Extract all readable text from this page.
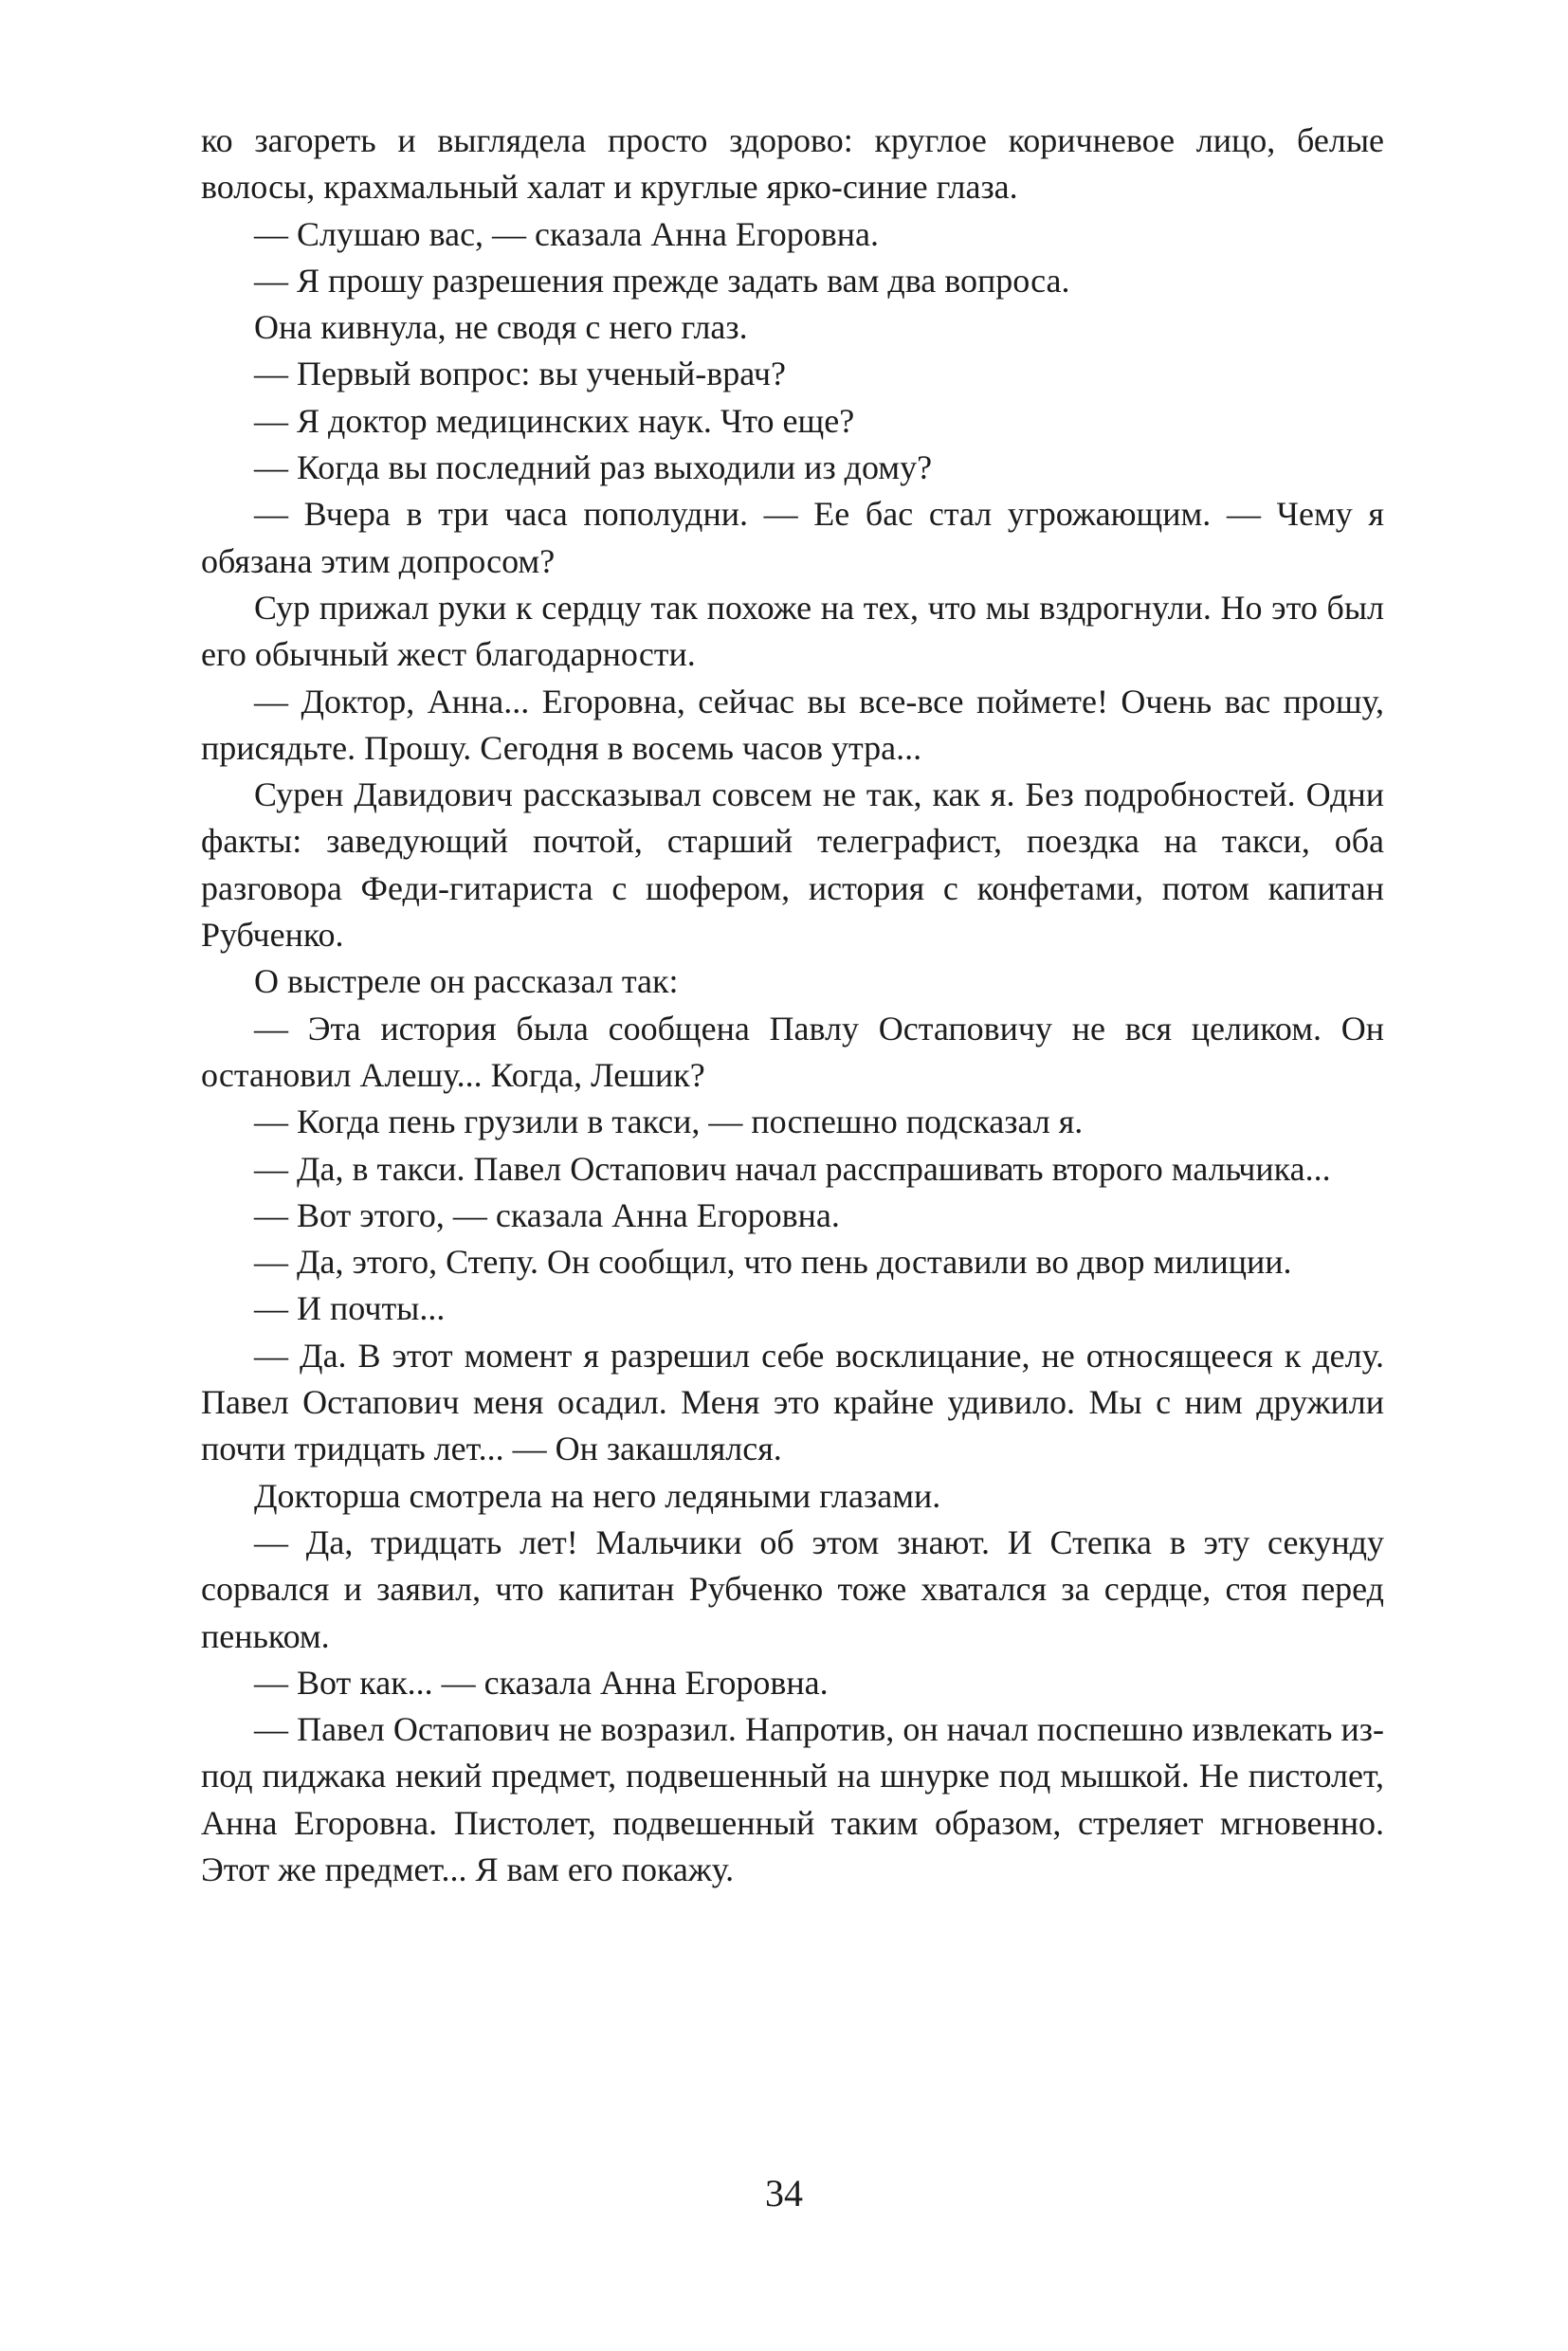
ко загореть и выглядела просто здорово: круглое коричневое лицо, белые волосы, крахмальный халат и круглые ярко-синие глаза.

— Слушаю вас, — сказала Анна Егоровна.

— Я прошу разрешения прежде задать вам два вопроса.

Она кивнула, не сводя с него глаз.

— Первый вопрос: вы ученый-врач?

— Я доктор медицинских наук. Что еще?

— Когда вы последний раз выходили из дому?

— Вчера в три часа пополудни. — Ее бас стал угрожающим. — Чему я обязана этим допросом?

Сур прижал руки к сердцу так похоже на тех, что мы вздрогнули. Но это был его обычный жест благодарности.

— Доктор, Анна... Егоровна, сейчас вы все-все поймете! Очень вас прошу, присядьте. Прошу. Сегодня в восемь часов утра...

Сурен Давидович рассказывал совсем не так, как я. Без подробностей. Одни факты: заведующий почтой, старший телеграфист, поездка на такси, оба разговора Феди-гитариста с шофером, история с конфетами, потом капитан Рубченко.

О выстреле он рассказал так:

— Эта история была сообщена Павлу Остаповичу не вся целиком. Он остановил Алешу... Когда, Лешик?

— Когда пень грузили в такси, — поспешно подсказал я.

— Да, в такси. Павел Остапович начал расспрашивать второго мальчика...

— Вот этого, — сказала Анна Егоровна.

— Да, этого, Степу. Он сообщил, что пень доставили во двор милиции.

— И почты...

— Да. В этот момент я разрешил себе восклицание, не относящееся к делу. Павел Остапович меня осадил. Меня это крайне удивило. Мы с ним дружили почти тридцать лет... — Он закашлялся.

Докторша смотрела на него ледяными глазами.

— Да, тридцать лет! Мальчики об этом знают. И Степка в эту секунду сорвался и заявил, что капитан Рубченко тоже хватался за сердце, стоя перед пеньком.

— Вот как... — сказала Анна Егоровна.

— Павел Остапович не возразил. Напротив, он начал поспешно извлекать из-под пиджака некий предмет, подвешенный на шнурке под мышкой. Не пистолет, Анна Егоровна. Пистолет, подвешенный таким образом, стреляет мгновенно. Этот же предмет... Я вам его покажу.

34
